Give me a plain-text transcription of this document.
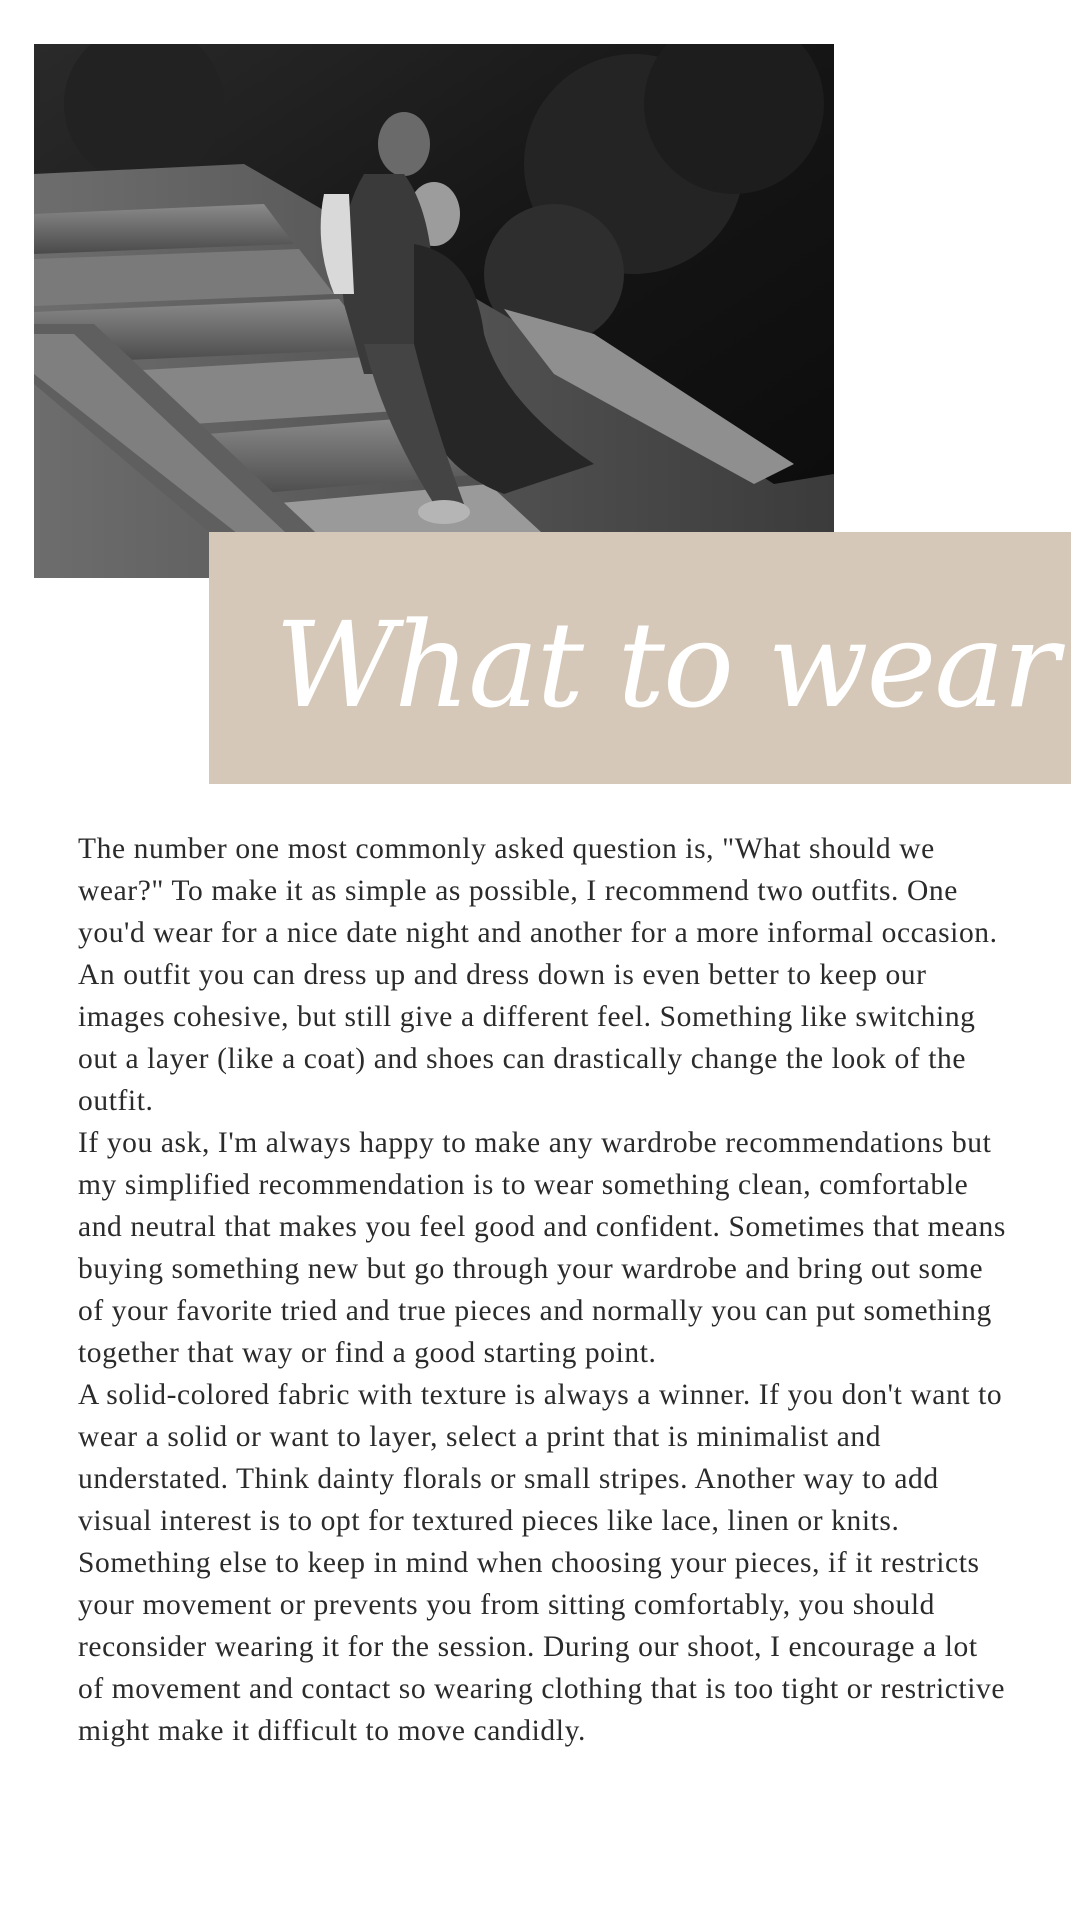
What to wear

The number one most commonly asked question is, "What should we wear?" To make it as simple as possible, I recommend two outfits. One you'd wear for a nice date night and another for a more informal occasion. An outfit you can dress up and dress down is even better to keep our images cohesive, but still give a different feel. Something like switching out a layer (like a coat) and shoes can drastically change the look of the outfit.

If you ask, I'm always happy to make any wardrobe recommendations but my simplified recommendation is to wear something clean, comfortable and neutral that makes you feel good and confident. Sometimes that means buying something new but go through your wardrobe and bring out some of your favorite tried and true pieces and normally you can put something together that way or find a good starting point.

A solid-colored fabric with texture is always a winner. If you don't want to wear a solid or want to layer, select a print that is minimalist and understated. Think dainty florals or small stripes. Another way to add visual interest is to opt for textured pieces like lace, linen or knits.

Something else to keep in mind when choosing your pieces, if it restricts your movement or prevents you from sitting comfortably, you should reconsider wearing it for the session. During our shoot, I encourage a lot of movement and contact so wearing clothing that is too tight or restrictive might make it difficult to move candidly.
